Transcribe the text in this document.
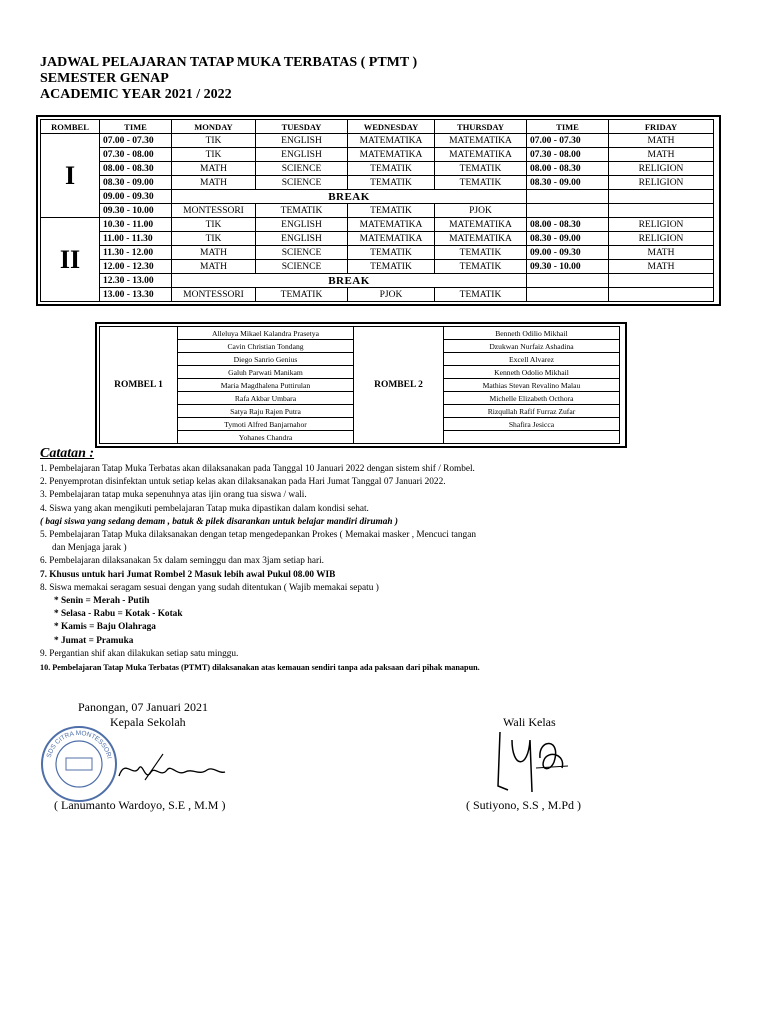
JADWAL PELAJARAN TATAP MUKA TERBATAS ( PTMT )
SEMESTER GENAP
ACADEMIC YEAR 2021 / 2022
ROMBEL	TIME	MONDAY	TUESDAY	WEDNESDAY	THURSDAY	TIME	FRIDAY
I	07.00 - 07.30	TIK	ENGLISH	MATEMATIKA	MATEMATIKA	07.00 - 07.30	MATH
	07.30 - 08.00	TIK	ENGLISH	MATEMATIKA	MATEMATIKA	07.30 - 08.00	MATH
	08.00 - 08.30	MATH	SCIENCE	TEMATIK	TEMATIK	08.00 - 08.30	RELIGION
	08.30 - 09.00	MATH	SCIENCE	TEMATIK	TEMATIK	08.30 - 09.00	RELIGION
	09.00 - 09.30	BREAK					
	09.30 - 10.00	MONTESSORI	TEMATIK	TEMATIK	PJOK		
II	10.30 - 11.00	TIK	ENGLISH	MATEMATIKA	MATEMATIKA	08.00 - 08.30	RELIGION
	11.00 - 11.30	TIK	ENGLISH	MATEMATIKA	MATEMATIKA	08.30 - 09.00	RELIGION
	11.30 - 12.00	MATH	SCIENCE	TEMATIK	TEMATIK	09.00 - 09.30	MATH
	12.00 - 12.30	MATH	SCIENCE	TEMATIK	TEMATIK	09.30 - 10.00	MATH
	12.30 - 13.00	BREAK					
	13.00 - 13.30	MONTESSORI	TEMATIK	PJOK	TEMATIK		
ROMBEL 1	Alleluya Mikael Kalandra Prasetya	ROMBEL 2	Benneth Odilio Mikhail
	Cavin Christian Tondang		Dzukwan Nurfaiz Ashadina
	Diego Sanrio Genius		Excell Alvarez
	Galuh Parwati Manikam		Kenneth Odolio Mikhail
	Maria Magdhalena Puttirulan		Mathias Stevan Revalino Malau
	Rafa Akbar Umbara		Michelle Elizabeth Octhora
	Satya Raju Rajen Putra		Rizqullah Rafif Furraz Zufar
	Tymoti Alfred Banjarnahor		Shafira Jesicca
	Yohanes Chandra		
Catatan :
1. Pembelajaran Tatap Muka Terbatas akan dilaksanakan pada Tanggal 10 Januari 2022 dengan sistem shif / Rombel.
2. Penyemprotan disinfektan untuk setiap kelas akan dilaksanakan pada Hari Jumat Tanggal 07 Januari 2022.
3. Pembelajaran tatap muka sepenuhnya atas ijin orang tua siswa / wali.
4. Siswa yang akan mengikuti pembelajaran Tatap muka dipastikan dalam kondisi sehat.
( bagi siswa yang sedang demam , batuk & pilek disarankan untuk belajar mandiri dirumah )
5. Pembelajaran Tatap Muka dilaksanakan dengan tetap mengedepankan Prokes ( Memakai masker , Mencuci tangan
dan Menjaga jarak )
6. Pembelajaran dilaksanakan 5x dalam seminggu dan max 3jam setiap hari.
7. Khusus untuk hari Jumat Rombel 2 Masuk lebih awal Pukul 08.00 WIB
8. Siswa memakai seragam sesuai dengan yang sudah ditentukan ( Wajib memakai sepatu )
* Senin = Merah - Putih
* Selasa - Rabu = Kotak - Kotak
* Kamis = Baju Olahraga
* Jumat = Pramuka
9. Pergantian shif akan dilakukan setiap satu minggu.
10. Pembelajaran Tatap Muka Terbatas (PTMT) dilaksanakan atas kemauan sendiri tanpa ada paksaan dari pihak manapun.
Panongan, 07 Januari 2021
Kepala Sekolah	Wali Kelas
SDS CITRA MONTESSORI
( Lanumanto Wardoyo, S.E , M.M )	( Sutiyono, S.S , M.Pd )
